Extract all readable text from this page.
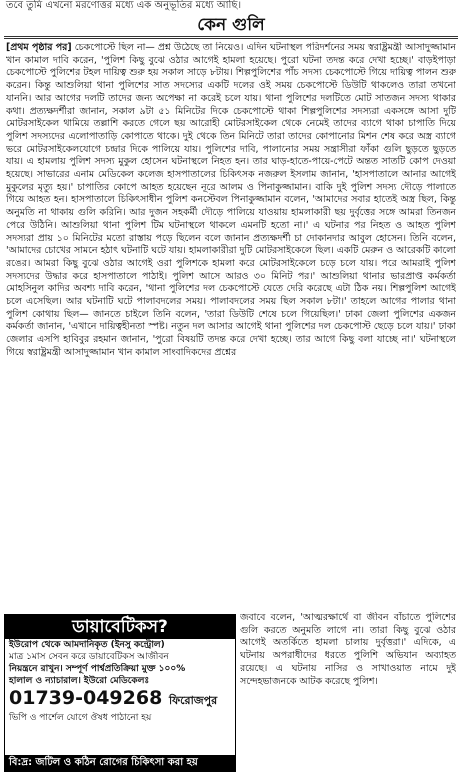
তবে তুমি এখনো মরণোত্তর মধ্যে এক অনুভূতির মধ্যে আছি।
কেন গুলি
[প্রথম পৃষ্ঠার পর] চেকপোস্টে ছিল না— প্রশ্ন উঠেছে তা নিয়েও। এদিন ঘটনাস্থল পরিদর্শনের সময় স্বরাষ্ট্রমন্ত্রী আসাদুজ্জামান খান কামাল দাবি করেন, 'পুলিশ কিছু বুঝে ওঠার আগেই হামলা হয়েছে। পুরো ঘটনা তদন্ত করে দেখা হচ্ছে।' বাড়ইপাড়া চেকপোস্টে পুলিশের টহল দায়িত্ব শুরু হয় সকাল সাড়ে ৮টায়। শিল্পপুলিশের পাঁচ সদস্য চেকপোস্টে গিয়ে দায়িত্ব পালন শুরু করেন। কিন্তু আশুলিয়া থানা পুলিশের সাত সদস্যের একটি দলের ওই সময় চেকপোস্টে ডিউটি থাকলেও তারা তখনো যাননি। আর আগের দলটি তাদের জন্য অপেক্ষা না করেই চলে যায়। থানা পুলিশের দলটিতে মোট সাতজন সদস্য থাকার কথা। প্রত্যক্ষদর্শীরা জানান, সকাল ৯টা ৫১ মিনিটের দিকে চেকপোস্টে থাকা শিল্পপুলিশের সদস্যরা একসঙ্গে আসা দুটি মোটরসাইকেল থামিয়ে তল্লাশি করতে গেলে ছয় আরোহী মোটরসাইকেল থেকে নেমেই তাদের ব্যাগে থাকা চাপাতি দিয়ে পুলিশ সদস্যদের এলোপাতাড়ি কোপাতে থাকে। দুই থেকে তিন মিনিটে তারা তাদের কোপানোর মিশন শেষ করে অস্ত্র ব্যাগে ভরে মোটরসাইকেলযোগে চন্দ্রার দিকে পালিয়ে যায়। পুলিশের দাবি, পালানোর সময় সন্ত্রাসীরা ফাঁকা গুলি ছুড়তে ছুড়তে যায়। এ হামলায় পুলিশ সদস্য মুকুল হোসেন ঘটনাস্থলে নিহত হন। তার ঘাড়-হাতে-পায়ে-পেটে অন্তত সাতটি কোপ দেওয়া হয়েছে। সাভারের এনাম মেডিকেল কলেজ হাসপাতালের চিকিৎসক নজরুল ইসলাম জানান, 'হাসপাতালে আনার আগেই মুকুলের মৃত্যু হয়।' চাপাতির কোপে আহত হয়েছেন নূরে আলম ও পিনাকুজ্জামান। বাকি দুই পুলিশ সদস্য দৌড়ে পালাতে গিয়ে আহত হন। হাসপাতালে চিকিৎসাধীন পুলিশ কনস্টেবল পিনাকুজ্জামান বলেন, 'আমাদের সবার হাতেই অস্ত্র ছিল, কিন্তু অনুমতি না থাকায় গুলি করিনি। আর দুজন সহকর্মী দৌড়ে পালিয়ে যাওয়ায় হামলাকারী ছয় দুর্বৃত্তের সঙ্গে আমরা তিনজন পেরে উঠিনি। আশুলিয়া থানা পুলিশ টিম ঘটনাস্থলে থাকলে এমনটি হতো না।' এ ঘটনার পর নিহত ও আহত পুলিশ সদস্যরা প্রায় ১০ মিনিটের মতো রাস্তায় পড়ে ছিলেন বলে জানান প্রত্যক্ষদর্শী চা দোকানদার আবুল হোসেন। তিনি বলেন, 'আমাদের চোখের সামনে হঠাৎ ঘটনাটি ঘটে যায়। হামলাকারীরা দুটি মোটরসাইকেলে ছিল। একটি মেরুন ও আরেকটি কালো রঙের। আমরা কিছু বুঝে ওঠার আগেই ওরা পুলিশকে হামলা করে মোটরসাইকেলে চড়ে চলে যায়। পরে আমরাই পুলিশ সদস্যদের উদ্ধার করে হাসপাতালে পাঠাই। পুলিশ আসে আরও ৩০ মিনিট পর।' আশুলিয়া থানার ভারপ্রাপ্ত কর্মকর্তা মোহসিনুল কাদির অবশ্য দাবি করেন, 'থানা পুলিশের দল চেকপোস্টে যেতে দেরি করেছে এটা ঠিক নয়। শিল্পপুলিশ আগেই চলে এসেছিল। আর ঘটনাটি ঘটে পালাবদলের সময়। পালাবদলের সময় ছিল সকাল ৮টা।' তাহলে আগের পালার থানা পুলিশ কোথায় ছিল— জানতে চাইলে তিনি বলেন, 'তারা ডিউটি শেষে চলে গিয়েছিল।' ঢাকা জেলা পুলিশের একজন কর্মকর্তা জানান, 'এখানে দায়িত্বহীনতা স্পষ্ট। নতুন দল আসার আগেই থানা পুলিশের দল চেকপোস্ট ছেড়ে চলে যায়।' ঢাকা জেলার এসপি হাবিবুর রহমান জানান, 'পুরো বিষয়টি তদন্ত করে দেখা হচ্ছে। তার আগে কিছু বলা যাচ্ছে না।' ঘটনাস্থলে গিয়ে স্বরাষ্ট্রমন্ত্রী আসাদুজ্জামান খান কামাল সাংবাদিকদের প্রশ্নের
ডায়াবেটিকস?
ইউরোপ থেকে আমদানিকৃত (ইনসু কন্ট্রোল)
মাত্র ১মাস সেবন করে ডায়াবেটিকস আজীবন
নিয়ন্ত্রনে রাখুন। সম্পূর্ণ পার্শ্বপ্রতিক্রিয়া মুক্ত ১০০%
হালাল ও ন্যাচারাল। ইউরো মেডিকেলঃ
01739-049268 ফিরোজপুর
ভিপি ও পার্শেল যোগে ঔষধ পাঠানো হয়
বি:দ্র: জটিল ও কঠিন রোগের চিকিৎসা করা হয়
জবাবে বলেন, 'আত্মরক্ষার্থে বা জীবন বাঁচাতে পুলিশের গুলি করতে অনুমতি লাগে না। তারা কিছু বুঝে ওঠার আগেই অতর্কিতে হামলা চালায় দুর্বৃত্তরা।' এদিকে, এ ঘটনায় অপরাধীদের ধরতে পুলিশি অভিযান অব্যাহত রয়েছে। এ ঘটনায় নাসির ও সাখাওয়াত নামে দুই সন্দেহভাজনকে আটক করেছে পুলিশ।
